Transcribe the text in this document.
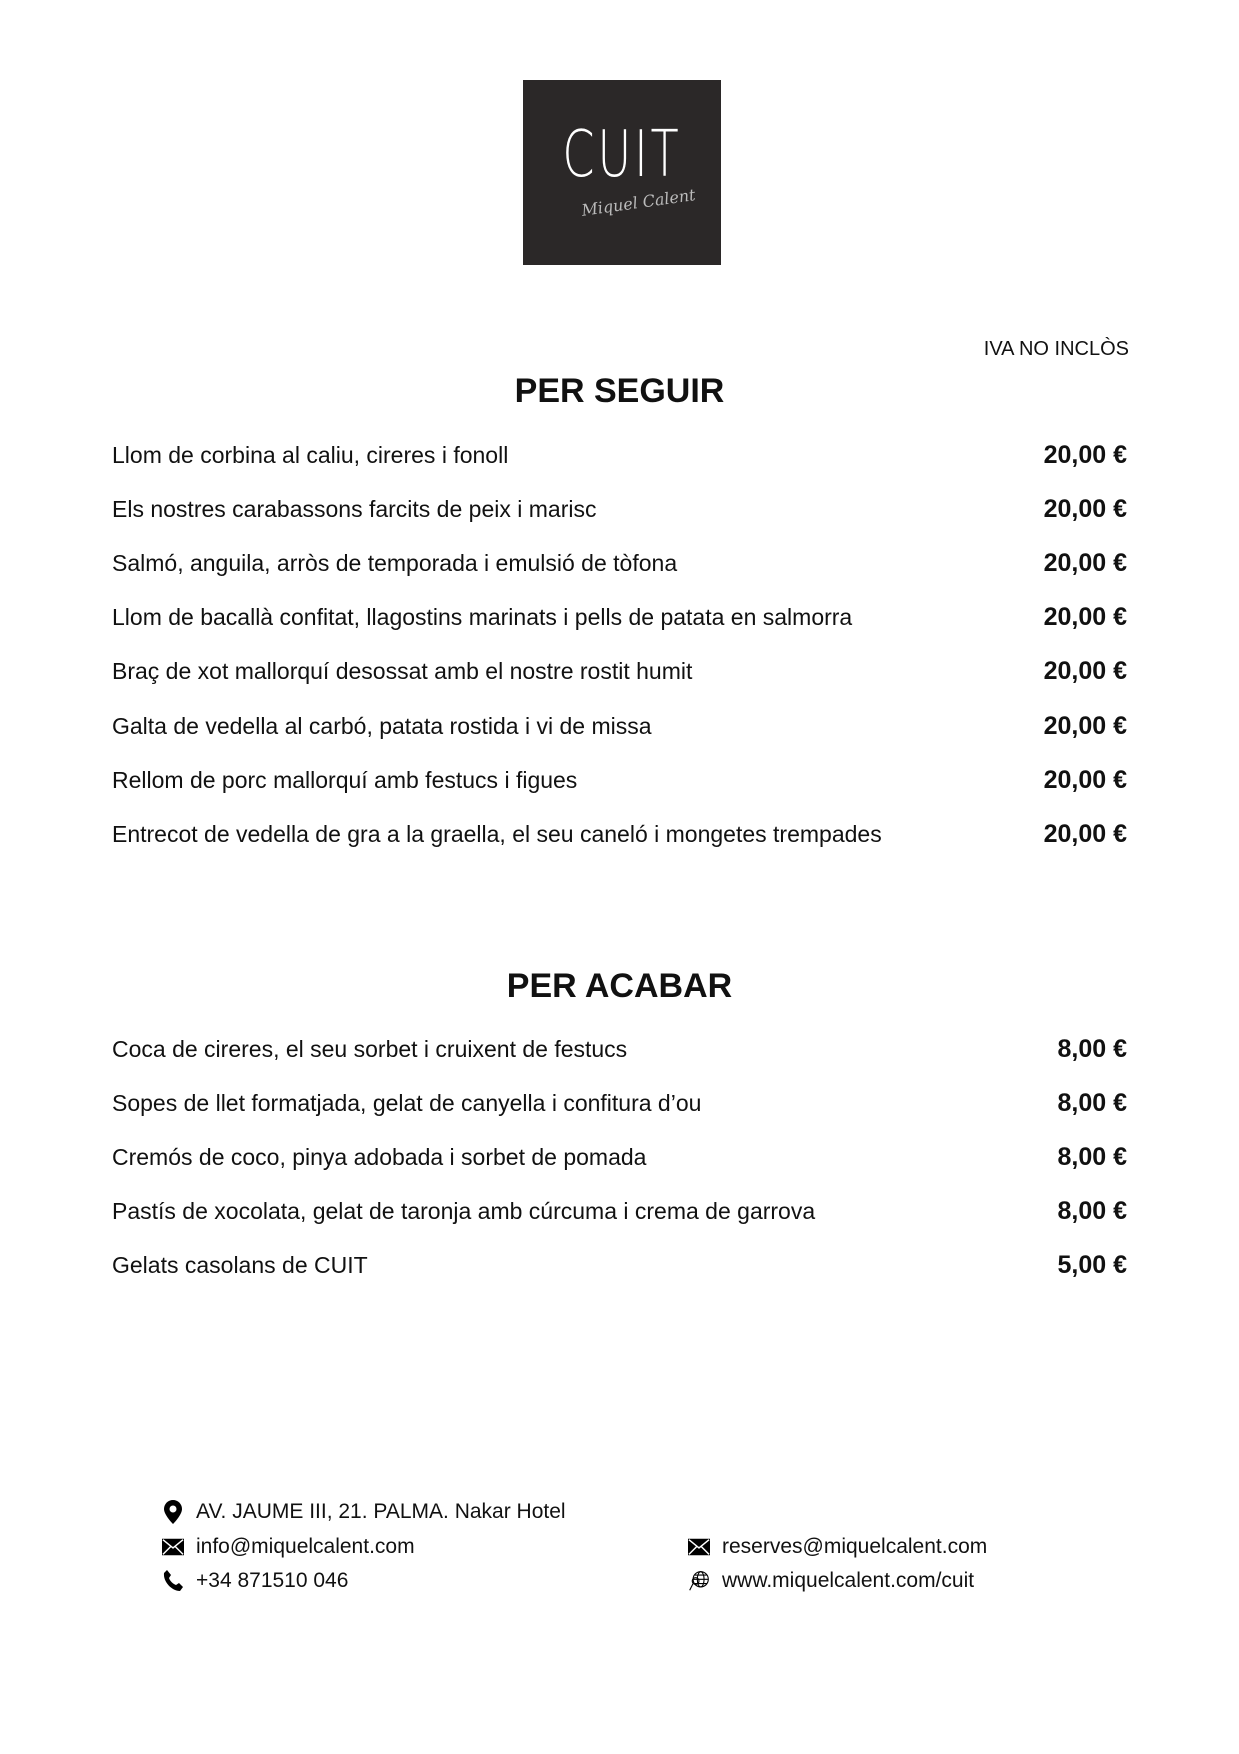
CUIT
Miquel Calent
IVA NO INCLÒS
PER SEGUIR
Llom de corbina al caliu, cireres i fonoll	20,00 €
Els nostres carabassons farcits de peix i marisc	20,00 €
Salmó, anguila, arròs de temporada i emulsió de tòfona	20,00 €
Llom de bacallà confitat, llagostins marinats i pells de patata en salmorra	20,00 €
Braç de xot mallorquí desossat amb el nostre rostit humit	20,00 €
Galta de vedella al carbó, patata rostida i vi de missa	20,00 €
Rellom de porc mallorquí amb festucs i figues	20,00 €
Entrecot de vedella de gra a la graella, el seu caneló i mongetes trempades	20,00 €
PER ACABAR
Coca de cireres, el seu sorbet i cruixent de festucs	8,00 €
Sopes de llet formatjada, gelat de canyella i confitura d’ou	8,00 €
Cremós de coco, pinya adobada i sorbet de pomada	8,00 €
Pastís de xocolata, gelat de taronja amb cúrcuma i crema de garrova	8,00 €
Gelats casolans de CUIT	5,00 €
AV. JAUME III, 21. PALMA. Nakar Hotel
info@miquelcalent.com
+34 871510 046
reserves@miquelcalent.com
www.miquelcalent.com/cuit
